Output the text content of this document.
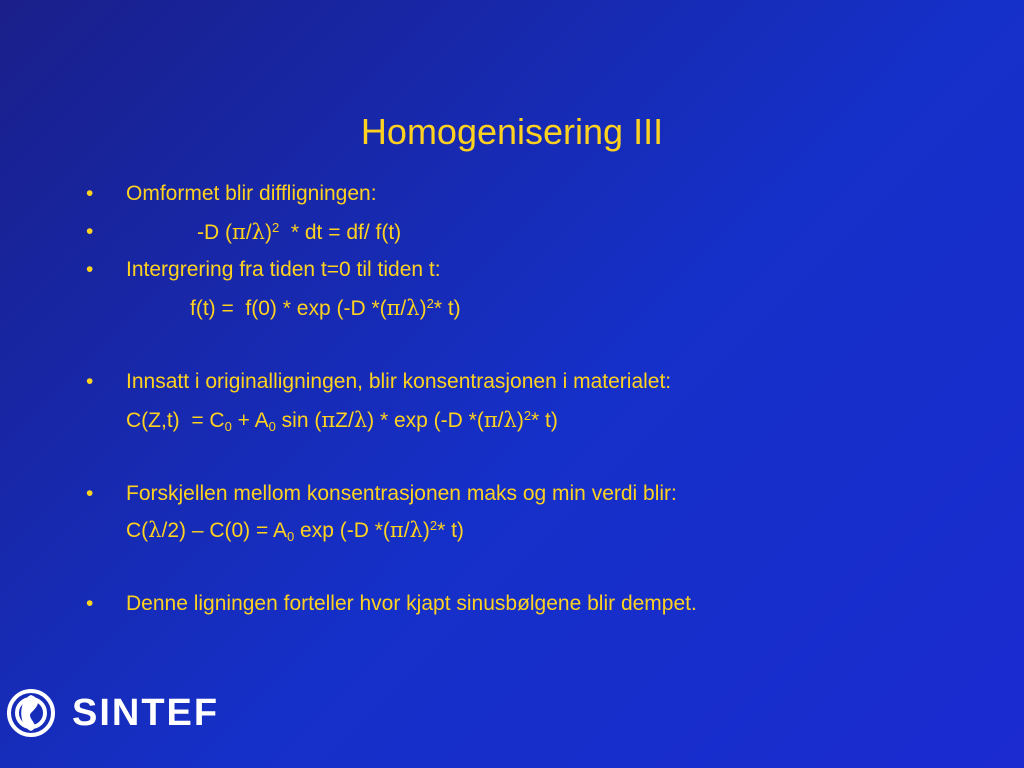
Homogenisering III
• Omformet blir diffligningen:
•	-D $(\pi/\lambda)^2$  * dt = df/ f(t)
• Intergrering fra tiden t=0 til tiden t:
f(t) =  f(0) * exp (-D $*(\pi/\lambda)^2*$ t)
• Innsatt i originalligningen, blir konsentrasjonen i materialet:
$C(Z,t) = C_0 + A_0$ sin (πZ/λ) * exp (-D $*(\pi/\lambda)^2*$ t)
• Forskjellen mellom konsentrasjonen maks og min verdi blir:
$C(\lambda/2) - C(0) = A_0$ exp (-D $*(\pi/\lambda)^2*$ t)
• Denne ligningen forteller hvor kjapt sinusbølgene blir dempet.
SINTEF
